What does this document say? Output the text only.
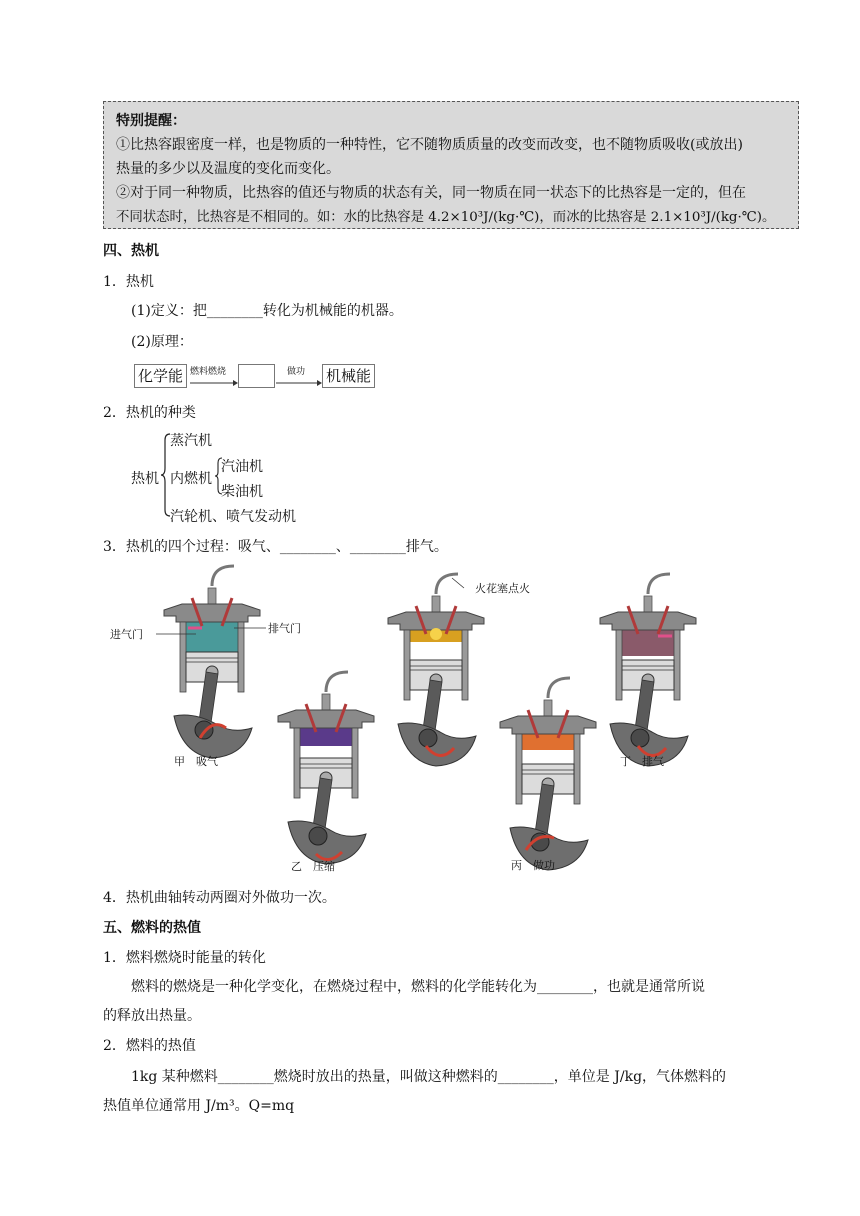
特别提醒：
①比热容跟密度一样，也是物质的一种特性，它不随物质质量的改变而改变，也不随物质吸收(或放出)
热量的多少以及温度的变化而变化。
②对于同一种物质，比热容的值还与物质的状态有关，同一物质在同一状态下的比热容是一定的，但在
不同状态时，比热容是不相同的。如：水的比热容是 4.2×10³J/(kg·℃)，而冰的比热容是 2.1×10³J/(kg·℃)。
四、热机
1．热机
(1)定义：把________转化为机械能的机器。
(2)原理：
化学能 燃料燃烧	做功 机械能
2．热机的种类
热机
蒸汽机
内燃机
汽油机
柴油机
汽轮机、喷气发动机
3．热机的四个过程：吸气、________、________排气。
进气门	排气门
火花塞点火
甲　吸气
乙　压缩	丙　做功
丁　排气
4．热机曲轴转动两圈对外做功一次。
五、燃料的热值
1．燃料燃烧时能量的转化
燃料的燃烧是一种化学变化，在燃烧过程中，燃料的化学能转化为________，也就是通常所说
的释放出热量。
2．燃料的热值
1kg 某种燃料________燃烧时放出的热量，叫做这种燃料的________，单位是 J/kg，气体燃料的
热值单位通常用 J/m³。Q=mq
